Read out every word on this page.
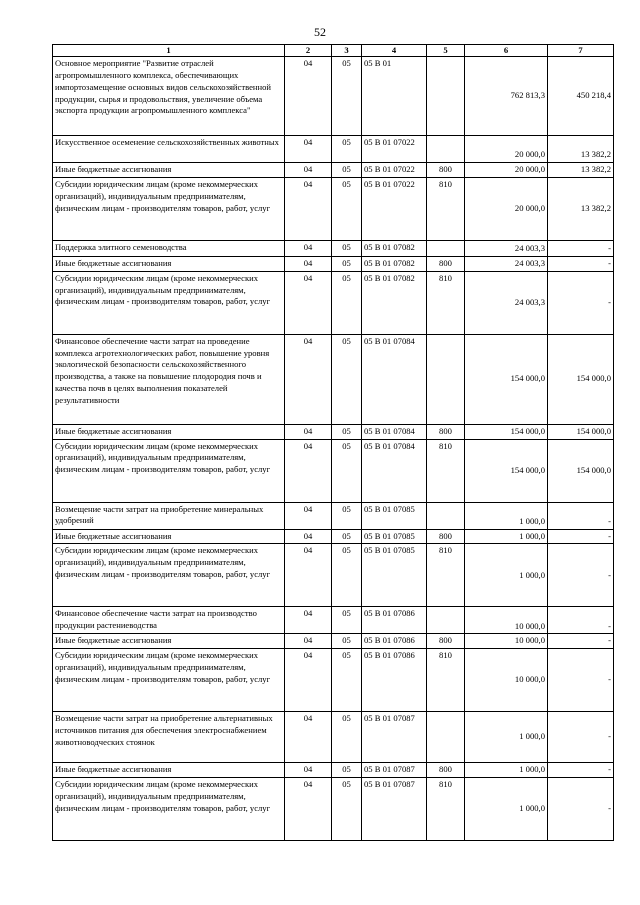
52
1	2	3	4	5	6	7
Основное мероприятие "Развитие отраслей агропромышленного комплекса, обеспечивающих импортозамещение основных видов сельскохозяйственной продукции, сырья и продовольствия, увеличение объема экспорта продукции агропромышленного комплекса"	04	05	05 В 01		762 813,3	450 218,4
Искусственное осеменение сельскохозяйственных животных	04	05	05 В 01 07022		20 000,0	13 382,2
Иные бюджетные ассигнования	04	05	05 В 01 07022	800	20 000,0	13 382,2
Субсидии юридическим лицам (кроме некоммерческих организаций), индивидуальным предпринимателям, физическим лицам - производителям товаров, работ, услуг	04	05	05 В 01 07022	810	20 000,0	13 382,2
Поддержка элитного семеноводства	04	05	05 В 01 07082		24 003,3	-
Иные бюджетные ассигнования	04	05	05 В 01 07082	800	24 003,3	-
Субсидии юридическим лицам (кроме некоммерческих организаций), индивидуальным предпринимателям, физическим лицам - производителям товаров, работ, услуг	04	05	05 В 01 07082	810	24 003,3	-
Финансовое обеспечение части затрат на проведение комплекса агротехнологических работ, повышение уровня экологической безопасности сельскохозяйственного производства, а также на повышение плодородия почв и качества почв в целях выполнения показателей результативности	04	05	05 В 01 07084		154 000,0	154 000,0
Иные бюджетные ассигнования	04	05	05 В 01 07084	800	154 000,0	154 000,0
Субсидии юридическим лицам (кроме некоммерческих организаций), индивидуальным предпринимателям, физическим лицам - производителям товаров, работ, услуг	04	05	05 В 01 07084	810	154 000,0	154 000,0
Возмещение части затрат на приобретение минеральных удобрений	04	05	05 В 01 07085		1 000,0	-
Иные бюджетные ассигнования	04	05	05 В 01 07085	800	1 000,0	-
Субсидии юридическим лицам (кроме некоммерческих организаций), индивидуальным предпринимателям, физическим лицам - производителям товаров, работ, услуг	04	05	05 В 01 07085	810	1 000,0	-
Финансовое обеспечение части затрат на производство продукции растениеводства	04	05	05 В 01 07086		10 000,0	-
Иные бюджетные ассигнования	04	05	05 В 01 07086	800	10 000,0	-
Субсидии юридическим лицам (кроме некоммерческих организаций), индивидуальным предпринимателям, физическим лицам - производителям товаров, работ, услуг	04	05	05 В 01 07086	810	10 000,0	-
Возмещение части затрат на приобретение альтернативных источников питания для обеспечения электроснабжением животноводческих стоянок	04	05	05 В 01 07087		1 000,0	-
Иные бюджетные ассигнования	04	05	05 В 01 07087	800	1 000,0	-
Субсидии юридическим лицам (кроме некоммерческих организаций), индивидуальным предпринимателям, физическим лицам - производителям товаров, работ, услуг	04	05	05 В 01 07087	810	1 000,0	-
